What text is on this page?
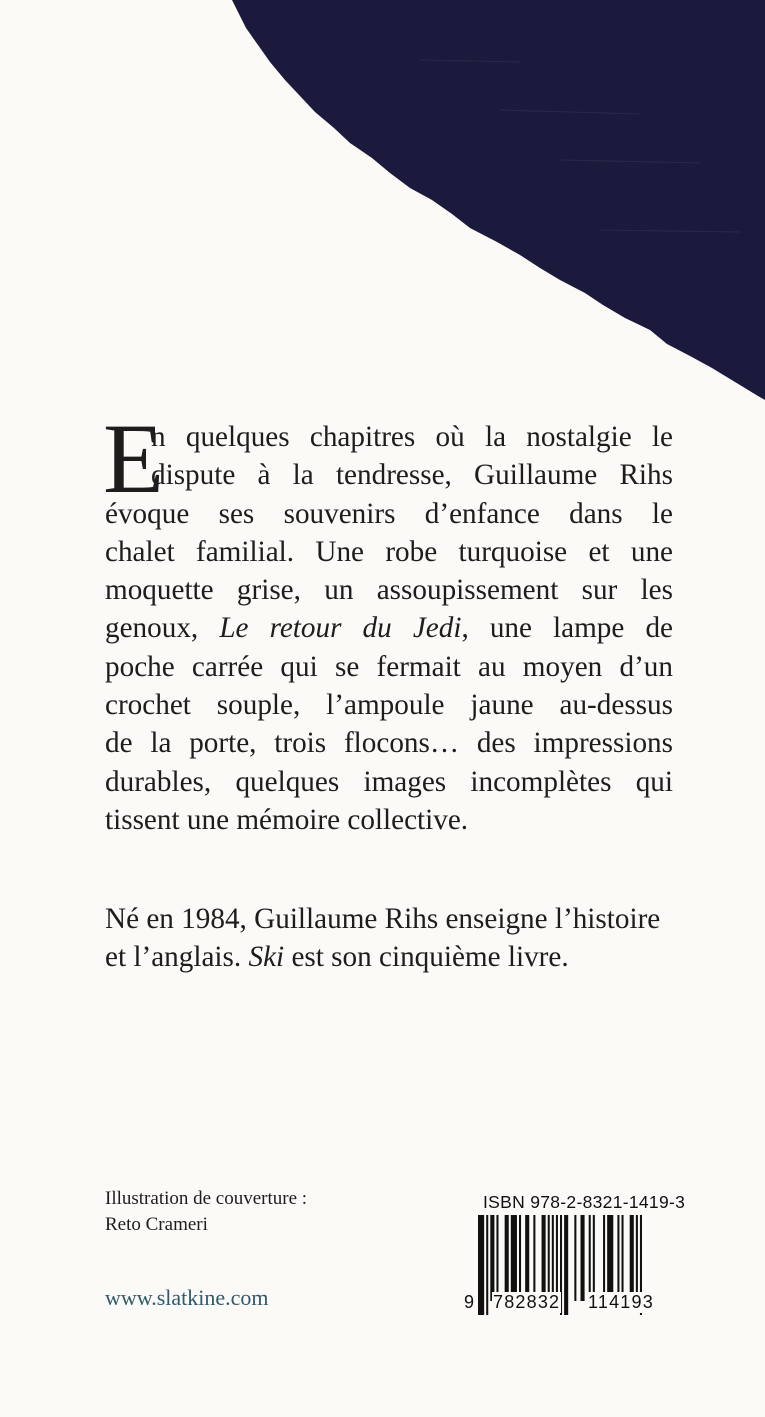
E
n quelques chapitres où la nostalgie le
dispute à la tendresse, Guillaume Rihs
évoque ses souvenirs d’enfance dans le
chalet familial. Une robe turquoise et une
moquette grise, un assoupissement sur les
genoux, Le retour du Jedi, une lampe de
poche carrée qui se fermait au moyen d’un
crochet souple, l’ampoule jaune au-dessus
de la porte, trois flocons… des impressions
durables, quelques images incomplètes qui
tissent une mémoire collective.
Né en 1984, Guillaume Rihs enseigne l’histoire
et l’anglais. Ski est son cinquième livre.
Illustration de couverture :
Reto Crameri
www.slatkine.com
ISBN 978-2-8321-1419-3
9 782832 114193
